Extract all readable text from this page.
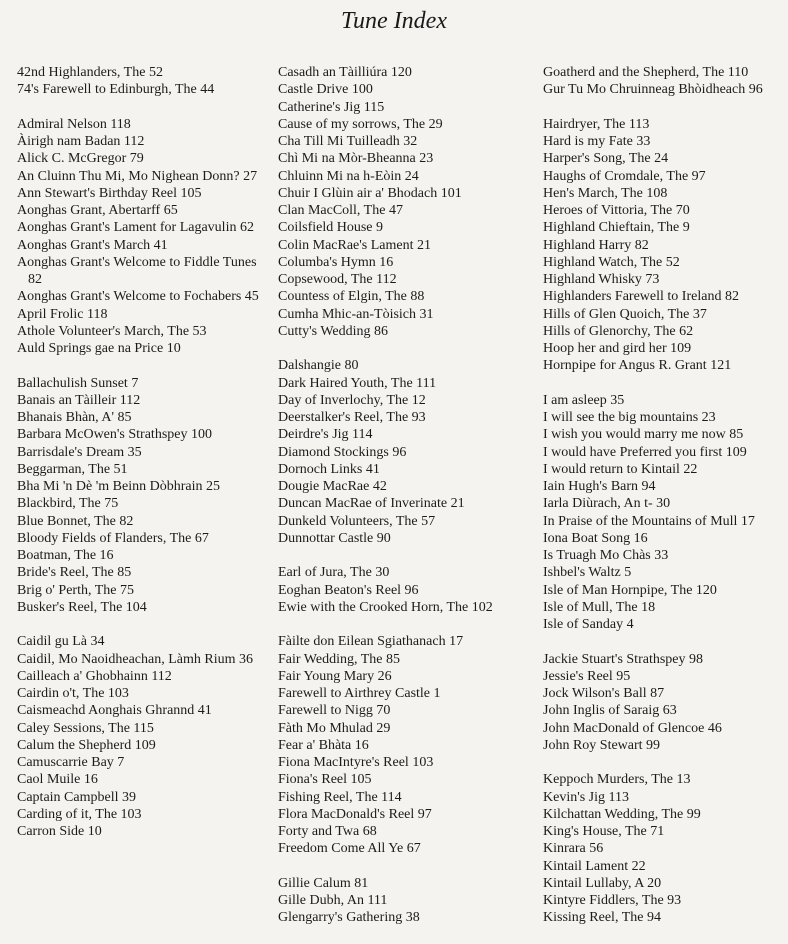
Tune Index
42nd Highlanders, The 52
74's Farewell to Edinburgh, The 44
Admiral Nelson 118
Àirigh nam Badan 112
Alick C. McGregor 79
An Cluinn Thu Mi, Mo Nighean Donn? 27
Ann Stewart's Birthday Reel 105
Aonghas Grant, Abertarff 65
Aonghas Grant's Lament for Lagavulin 62
Aonghas Grant's March 41
Aonghas Grant's Welcome to Fiddle Tunes 82
Aonghas Grant's Welcome to Fochabers 45
April Frolic 118
Athole Volunteer's March, The 53
Auld Springs gae na Price 10
Ballachulish Sunset 7
Banais an Tàilleir 112
Bhanais Bhàn, A' 85
Barbara McOwen's Strathspey 100
Barrisdale's Dream 35
Beggarman, The 51
Bha Mi 'n Dè 'm Beinn Dòbhrain 25
Blackbird, The 75
Blue Bonnet, The 82
Bloody Fields of Flanders, The 67
Boatman, The 16
Bride's Reel, The 85
Brig o' Perth, The 75
Busker's Reel, The 104
Caidil gu Là 34
Caidil, Mo Naoidheachan, Làmh Rium 36
Cailleach a' Ghobhainn 112
Cairdin o't, The 103
Caismeachd Aonghais Ghrannd 41
Caley Sessions, The 115
Calum the Shepherd 109
Camuscarrie Bay 7
Caol Muile 16
Captain Campbell 39
Carding of it, The 103
Carron Side 10
Casadh an Tàilliúra 120
Castle Drive 100
Catherine's Jig 115
Cause of my sorrows, The 29
Cha Till Mi Tuilleadh 32
Chì Mi na Mòr-Bheanna 23
Chluinn Mi na h-Eòin 24
Chuir I Glùin air a' Bhodach 101
Clan MacColl, The 47
Coilsfield House 9
Colin MacRae's Lament 21
Columba's Hymn 16
Copsewood, The 112
Countess of Elgin, The 88
Cumha Mhic-an-Tòisich 31
Cutty's Wedding 86
Dalshangie 80
Dark Haired Youth, The 111
Day of Inverlochy, The 12
Deerstalker's Reel, The 93
Deirdre's Jig 114
Diamond Stockings 96
Dornoch Links 41
Dougie MacRae 42
Duncan MacRae of Inverinate 21
Dunkeld Volunteers, The 57
Dunnottar Castle 90
Earl of Jura, The 30
Eoghan Beaton's Reel 96
Ewie with the Crooked Horn, The 102
Fàilte don Eilean Sgiathanach 17
Fair Wedding, The 85
Fair Young Mary 26
Farewell to Airthrey Castle 1
Farewell to Nigg 70
Fàth Mo Mhulad 29
Fear a' Bhàta 16
Fiona MacIntyre's Reel 103
Fiona's Reel 105
Fishing Reel, The 114
Flora MacDonald's Reel 97
Forty and Twa 68
Freedom Come All Ye 67
Gillie Calum 81
Gille Dubh, An 111
Glengarry's Gathering 38
Goatherd and the Shepherd, The 110
Gur Tu Mo Chruinneag Bhòidheach 96
Hairdryer, The 113
Hard is my Fate 33
Harper's Song, The 24
Haughs of Cromdale, The 97
Hen's March, The 108
Heroes of Vittoria, The 70
Highland Chieftain, The 9
Highland Harry 82
Highland Watch, The 52
Highland Whisky 73
Highlanders Farewell to Ireland 82
Hills of Glen Quoich, The 37
Hills of Glenorchy, The 62
Hoop her and gird her 109
Hornpipe for Angus R. Grant 121
I am asleep 35
I will see the big mountains 23
I wish you would marry me now 85
I would have Preferred you first 109
I would return to Kintail 22
Iain Hugh's Barn 94
Iarla Diùrach, An t- 30
In Praise of the Mountains of Mull 17
Iona Boat Song 16
Is Truagh Mo Chàs 33
Ishbel's Waltz 5
Isle of Man Hornpipe, The 120
Isle of Mull, The 18
Isle of Sanday 4
Jackie Stuart's Strathspey 98
Jessie's Reel 95
Jock Wilson's Ball 87
John Inglis of Saraig 63
John MacDonald of Glencoe 46
John Roy Stewart 99
Keppoch Murders, The 13
Kevin's Jig 113
Kilchattan Wedding, The 99
King's House, The 71
Kinrara 56
Kintail Lament 22
Kintail Lullaby, A 20
Kintyre Fiddlers, The 93
Kissing Reel, The 94
